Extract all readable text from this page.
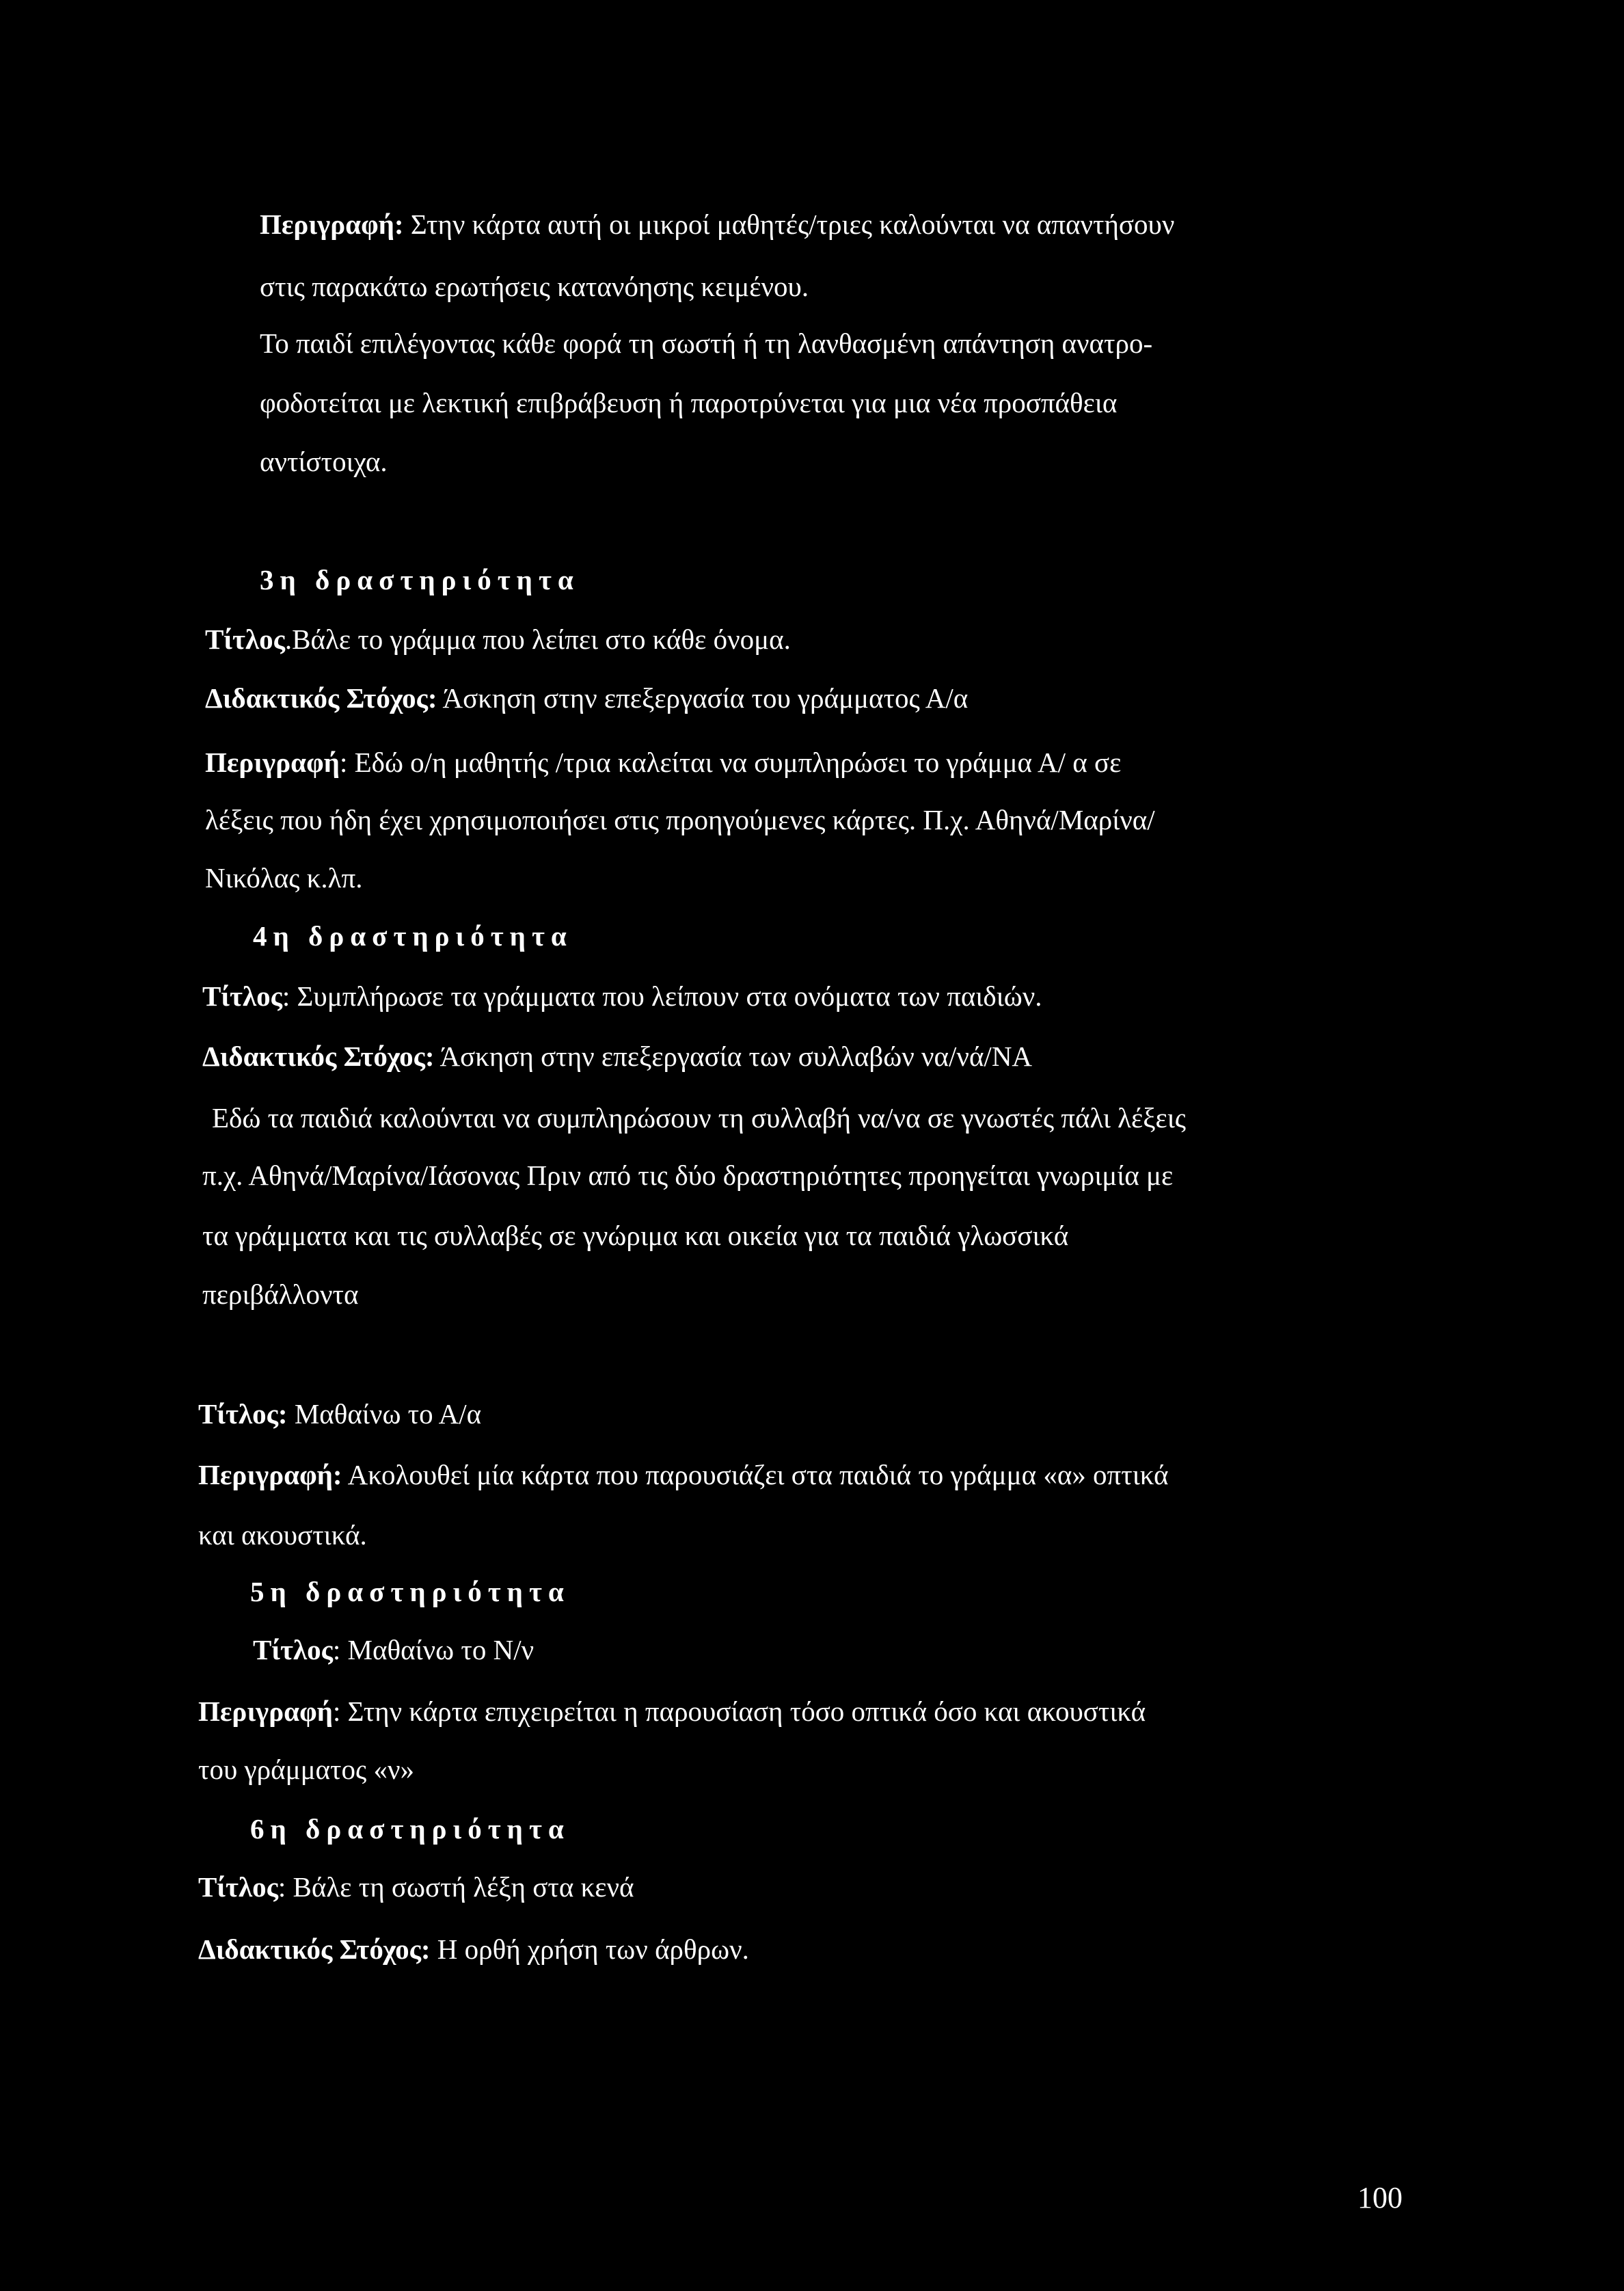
Περιγραφή: Στην κάρτα αυτή οι μικροί μαθητές/τριες καλούνται να απαντήσουν
στις παρακάτω ερωτήσεις κατανόησης κειμένου.
Το παιδί επιλέγοντας κάθε φορά τη σωστή ή τη λανθασμένη απάντηση ανατρο-
φοδοτείται με λεκτική επιβράβευση ή παροτρύνεται για μια νέα προσπάθεια
αντίστοιχα.
3η δραστηριότητα
Τίτλος.Βάλε το γράμμα που λείπει στο κάθε όνομα.
Διδακτικός Στόχος: Άσκηση στην επεξεργασία του γράμματος Α/α
Περιγραφή: Εδώ ο/η μαθητής /τρια καλείται να συμπληρώσει το γράμμα Α/ α σε
λέξεις που ήδη έχει χρησιμοποιήσει στις προηγούμενες κάρτες. Π.χ. Αθηνά/Μαρίνα/
Νικόλας κ.λπ.
4η δραστηριότητα
Τίτλος: Συμπλήρωσε τα γράμματα που λείπουν στα ονόματα των παιδιών.
Διδακτικός Στόχος: Άσκηση στην επεξεργασία των συλλαβών να/νά/ΝΑ
Εδώ τα παιδιά καλούνται να συμπληρώσουν τη συλλαβή να/να σε γνωστές πάλι λέξεις
π.χ. Αθηνά/Μαρίνα/Ιάσονας Πριν από τις δύο δραστηριότητες προηγείται γνωριμία με
τα γράμματα και τις συλλαβές σε γνώριμα και οικεία για τα παιδιά γλωσσικά
περιβάλλοντα
Τίτλος: Μαθαίνω το Α/α
Περιγραφή: Ακολουθεί μία κάρτα που παρουσιάζει στα παιδιά το γράμμα «α» οπτικά
και ακουστικά.
5η δραστηριότητα
Τίτλος: Μαθαίνω το Ν/ν
Περιγραφή: Στην κάρτα επιχειρείται η παρουσίαση τόσο οπτικά όσο και ακουστικά
του γράμματος «ν»
6η δραστηριότητα
Τίτλος: Βάλε τη σωστή λέξη στα κενά
Διδακτικός Στόχος: Η ορθή χρήση των άρθρων.
100
